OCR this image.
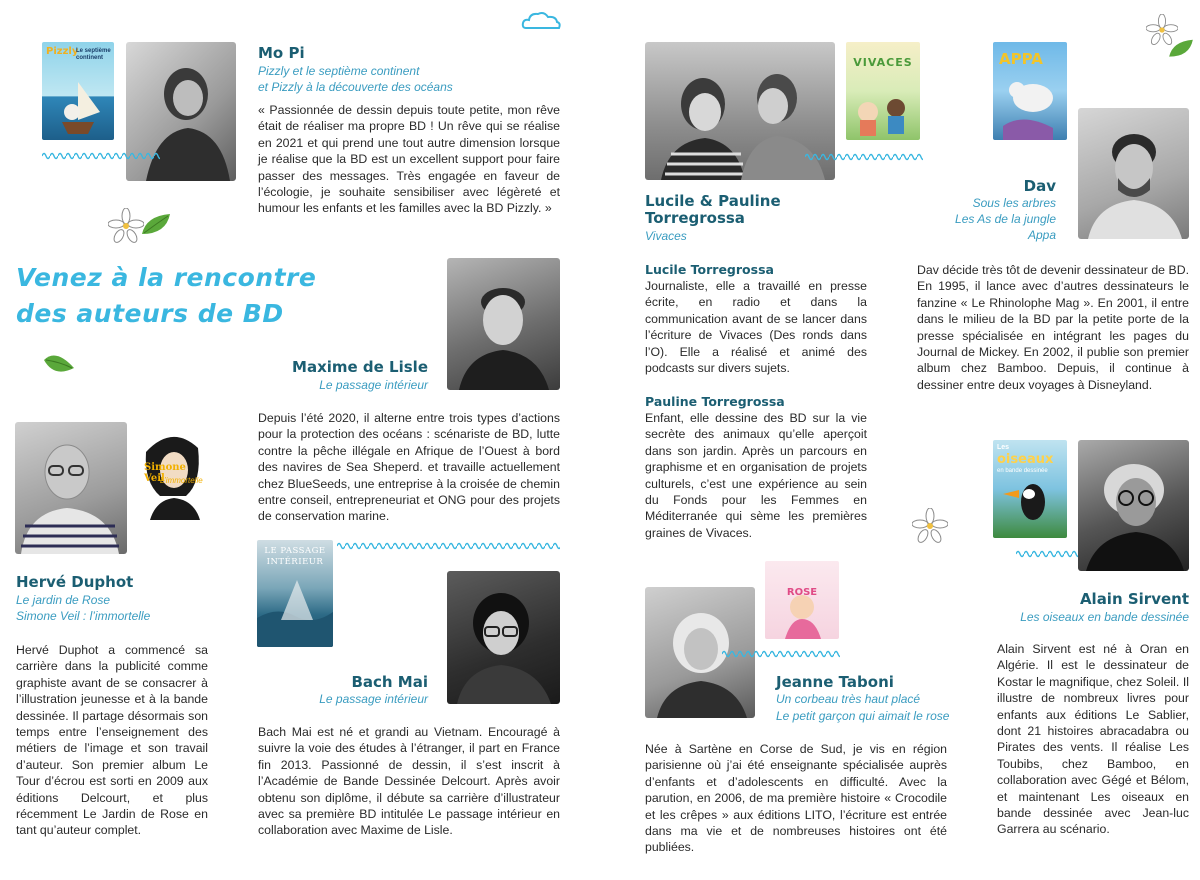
Pizzly
Le septième continent	Mo Pi
Pizzly et le septième continent
et Pizzly à la découverte des océans
« Passionnée de dessin depuis toute petite, mon rêve était de réaliser ma propre BD ! Un rêve qui se réalise en 2021 et qui prend une tout autre dimension lorsque je réalise que la BD est un excellent support pour faire passer des messages. Très engagée en faveur de l’écologie, je souhaite sensibiliser avec légèreté et humour les enfants et les familles avec la BD Pizzly. »
Venez à la rencontre
des auteurs de BD
Maxime de Lisle
Le passage intérieur
Depuis l’été 2020, il alterne entre trois types d’actions pour la protection des océans : scénariste de BD, lutte contre la pêche illégale en Afrique de l’Ouest à bord des navires de Sea Sheperd. et travaille actuellement chez BlueSeeds, une entreprise à la croisée de chemin entre conseil, entrepreneuriat et ONG pour des projets de conservation marine.
Simone Veil
L’immortelle
Hervé Duphot
Le jardin de Rose
Simone Veil : l’immortelle
Hervé Duphot a commencé sa carrière dans la publicité comme graphiste avant de se consacrer à l’illustration jeunesse et à la bande dessinée. Il partage désormais son temps entre l’enseignement des métiers de l’image et son travail d’auteur. Son premier album Le Tour d’écrou est sorti en 2009 aux éditions Delcourt, et plus récemment Le Jardin de Rose en tant qu’auteur complet.
LE PASSAGE
INTÉRIEUR
Bach Mai
Le passage intérieur
Bach Mai est né et grandi au Vietnam. Encouragé à suivre la voie des études à l’étranger, il part en France fin 2013. Passionné de dessin, il s’est inscrit à l’Académie de Bande Dessinée Delcourt. Après avoir obtenu son diplôme, il débute sa carrière d’illustrateur avec sa première BD intitulée Le passage intérieur en collaboration avec Maxime de Lisle.
VIVACES
Lucile & Pauline
Torregrossa
Vivaces
Lucile Torregrossa
Journaliste, elle a travaillé en presse écrite, en radio et dans la communication avant de se lancer dans l’écriture de Vivaces (Des ronds dans l’O). Elle a réalisé et animé des podcasts sur divers sujets.
Pauline Torregrossa
Enfant, elle dessine des BD sur la vie secrète des animaux qu’elle aperçoit dans son jardin. Après un parcours en graphisme et en organisation de projets culturels, c’est une expérience au sein du Fonds pour les Femmes en Méditerranée qui sème les premières graines de Vivaces.
APPA
Dav
Sous les arbres
Les As de la jungle
Appa
Dav décide très tôt de devenir dessinateur de BD. En 1995, il lance avec d’autres dessinateurs le fanzine « Le Rhinolophe Mag ». En 2001, il entre dans le milieu de la BD par la petite porte de la presse spécialisée en intégrant les pages du Journal de Mickey. En 2002, il publie son premier album chez Bamboo. Depuis, il continue à dessiner entre deux voyages à Disneyland.
ROSE
Jeanne Taboni
Un corbeau très haut placé
Le petit garçon qui aimait le rose
Née à Sartène en Corse de Sud, je vis en région parisienne où j’ai été enseignante spécialisée auprès d’enfants et d’adolescents en difficulté. Avec la parution, en 2006, de ma première histoire « Crocodile et les crêpes » aux éditions LITO, l’écriture est entrée dans ma vie et de nombreuses histoires ont été publiées.
Les
oiseaux
en bande dessinée
Alain Sirvent
Les oiseaux en bande dessinée
Alain Sirvent est né à Oran en Algérie. Il est le dessinateur de Kostar le magnifique, chez Soleil. Il illustre de nombreux livres pour enfants aux éditions Le Sablier, dont 21 histoires abracadabra ou Pirates des vents. Il réalise Les Toubibs, chez Bamboo, en collaboration avec Gégé et Bélom, et maintenant Les oiseaux en bande dessinée avec Jean-luc Garrera au scénario.
